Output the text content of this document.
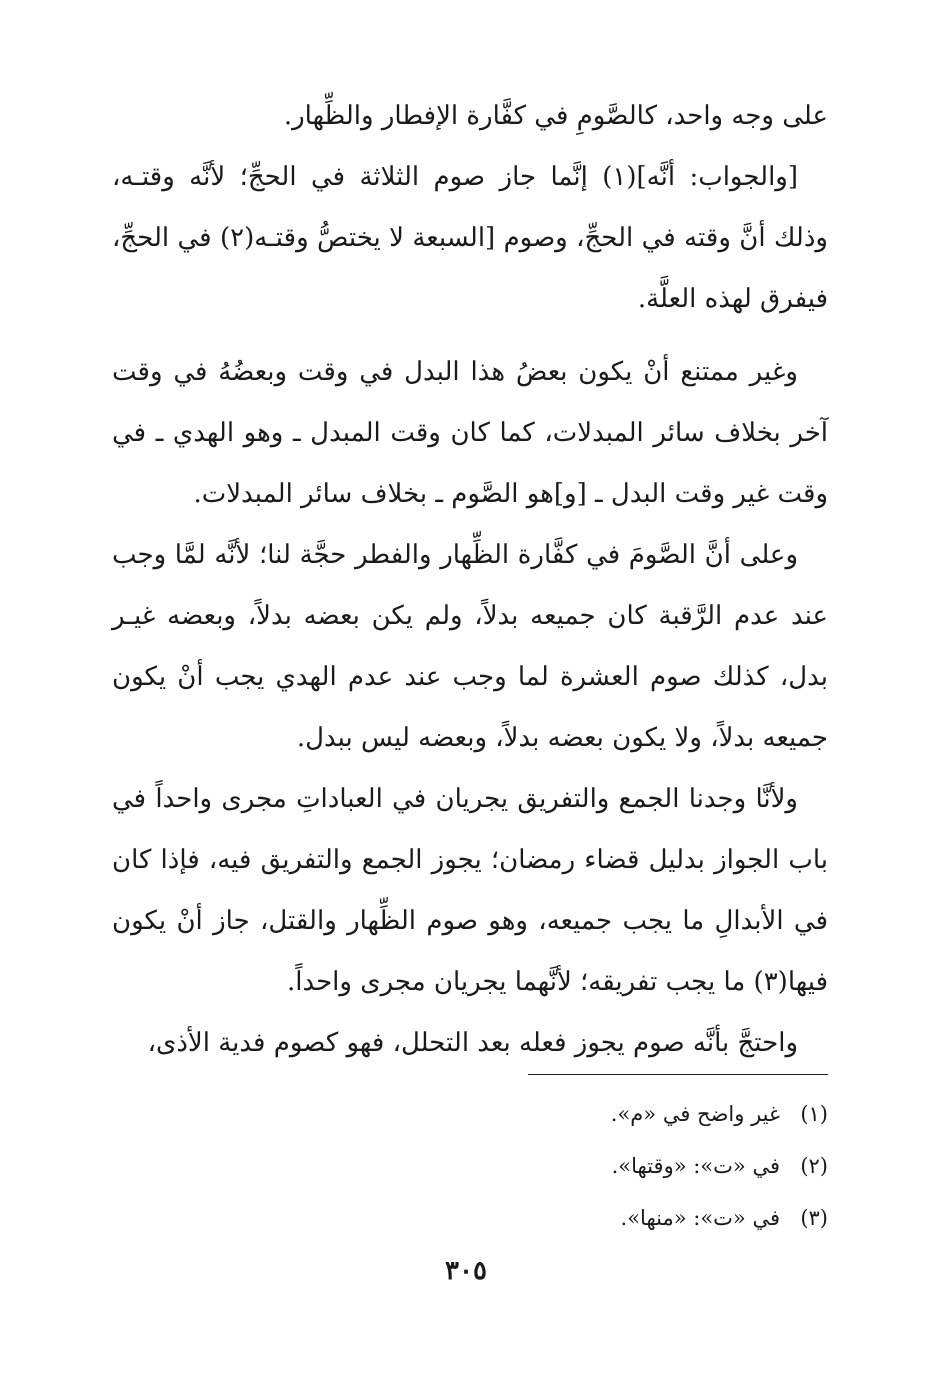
على وجه واحد، كالصَّومِ في كفَّارة الإفطار والظِّهار.

[والجواب: أنَّه](١) إنَّما جاز صوم الثلاثة في الحجِّ؛ لأنَّه وقتـه، وذلك أنَّ وقته في الحجِّ، وصوم [السبعة لا يختصُّ وقتـه(٢) في الحجِّ، فيفرق لهذه العلَّة.

وغير ممتنع أنْ يكون بعضُ هذا البدل في وقت وبعضُهُ في وقت آخر بخلاف سائر المبدلات، كما كان وقت المبدل ـ وهو الهدي ـ في وقت غير وقت البدل ـ [و]هو الصَّوم ـ بخلاف سائر المبدلات.

وعلى أنَّ الصَّومَ في كفَّارة الظِّهار والفطر حجَّة لنا؛ لأنَّه لمَّا وجب عند عدم الرَّقبة كان جميعه بدلاً، ولم يكن بعضه بدلاً، وبعضه غيـر بدل، كذلك صوم العشرة لما وجب عند عدم الهدي يجب أنْ يكون جميعه بدلاً، ولا يكون بعضه بدلاً، وبعضه ليس ببدل.

ولأنَّا وجدنا الجمع والتفريق يجريان في العباداتِ مجرى واحداً في باب الجواز بدليل قضاء رمضان؛ يجوز الجمع والتفريق فيه، فإذا كان في الأبدالِ ما يجب جميعه، وهو صوم الظِّهار والقتل، جاز أنْ يكون فيها(٣) ما يجب تفريقه؛ لأنَّهما يجريان مجرى واحداً.

واحتجَّ بأنَّه صوم يجوز فعله بعد التحلل، فهو كصوم فدية الأذى،

(١)
غير واضح في «م».
(٢)
في «ت»: «وقتها».
(٣)
في «ت»: «منها».
٣٠٥
